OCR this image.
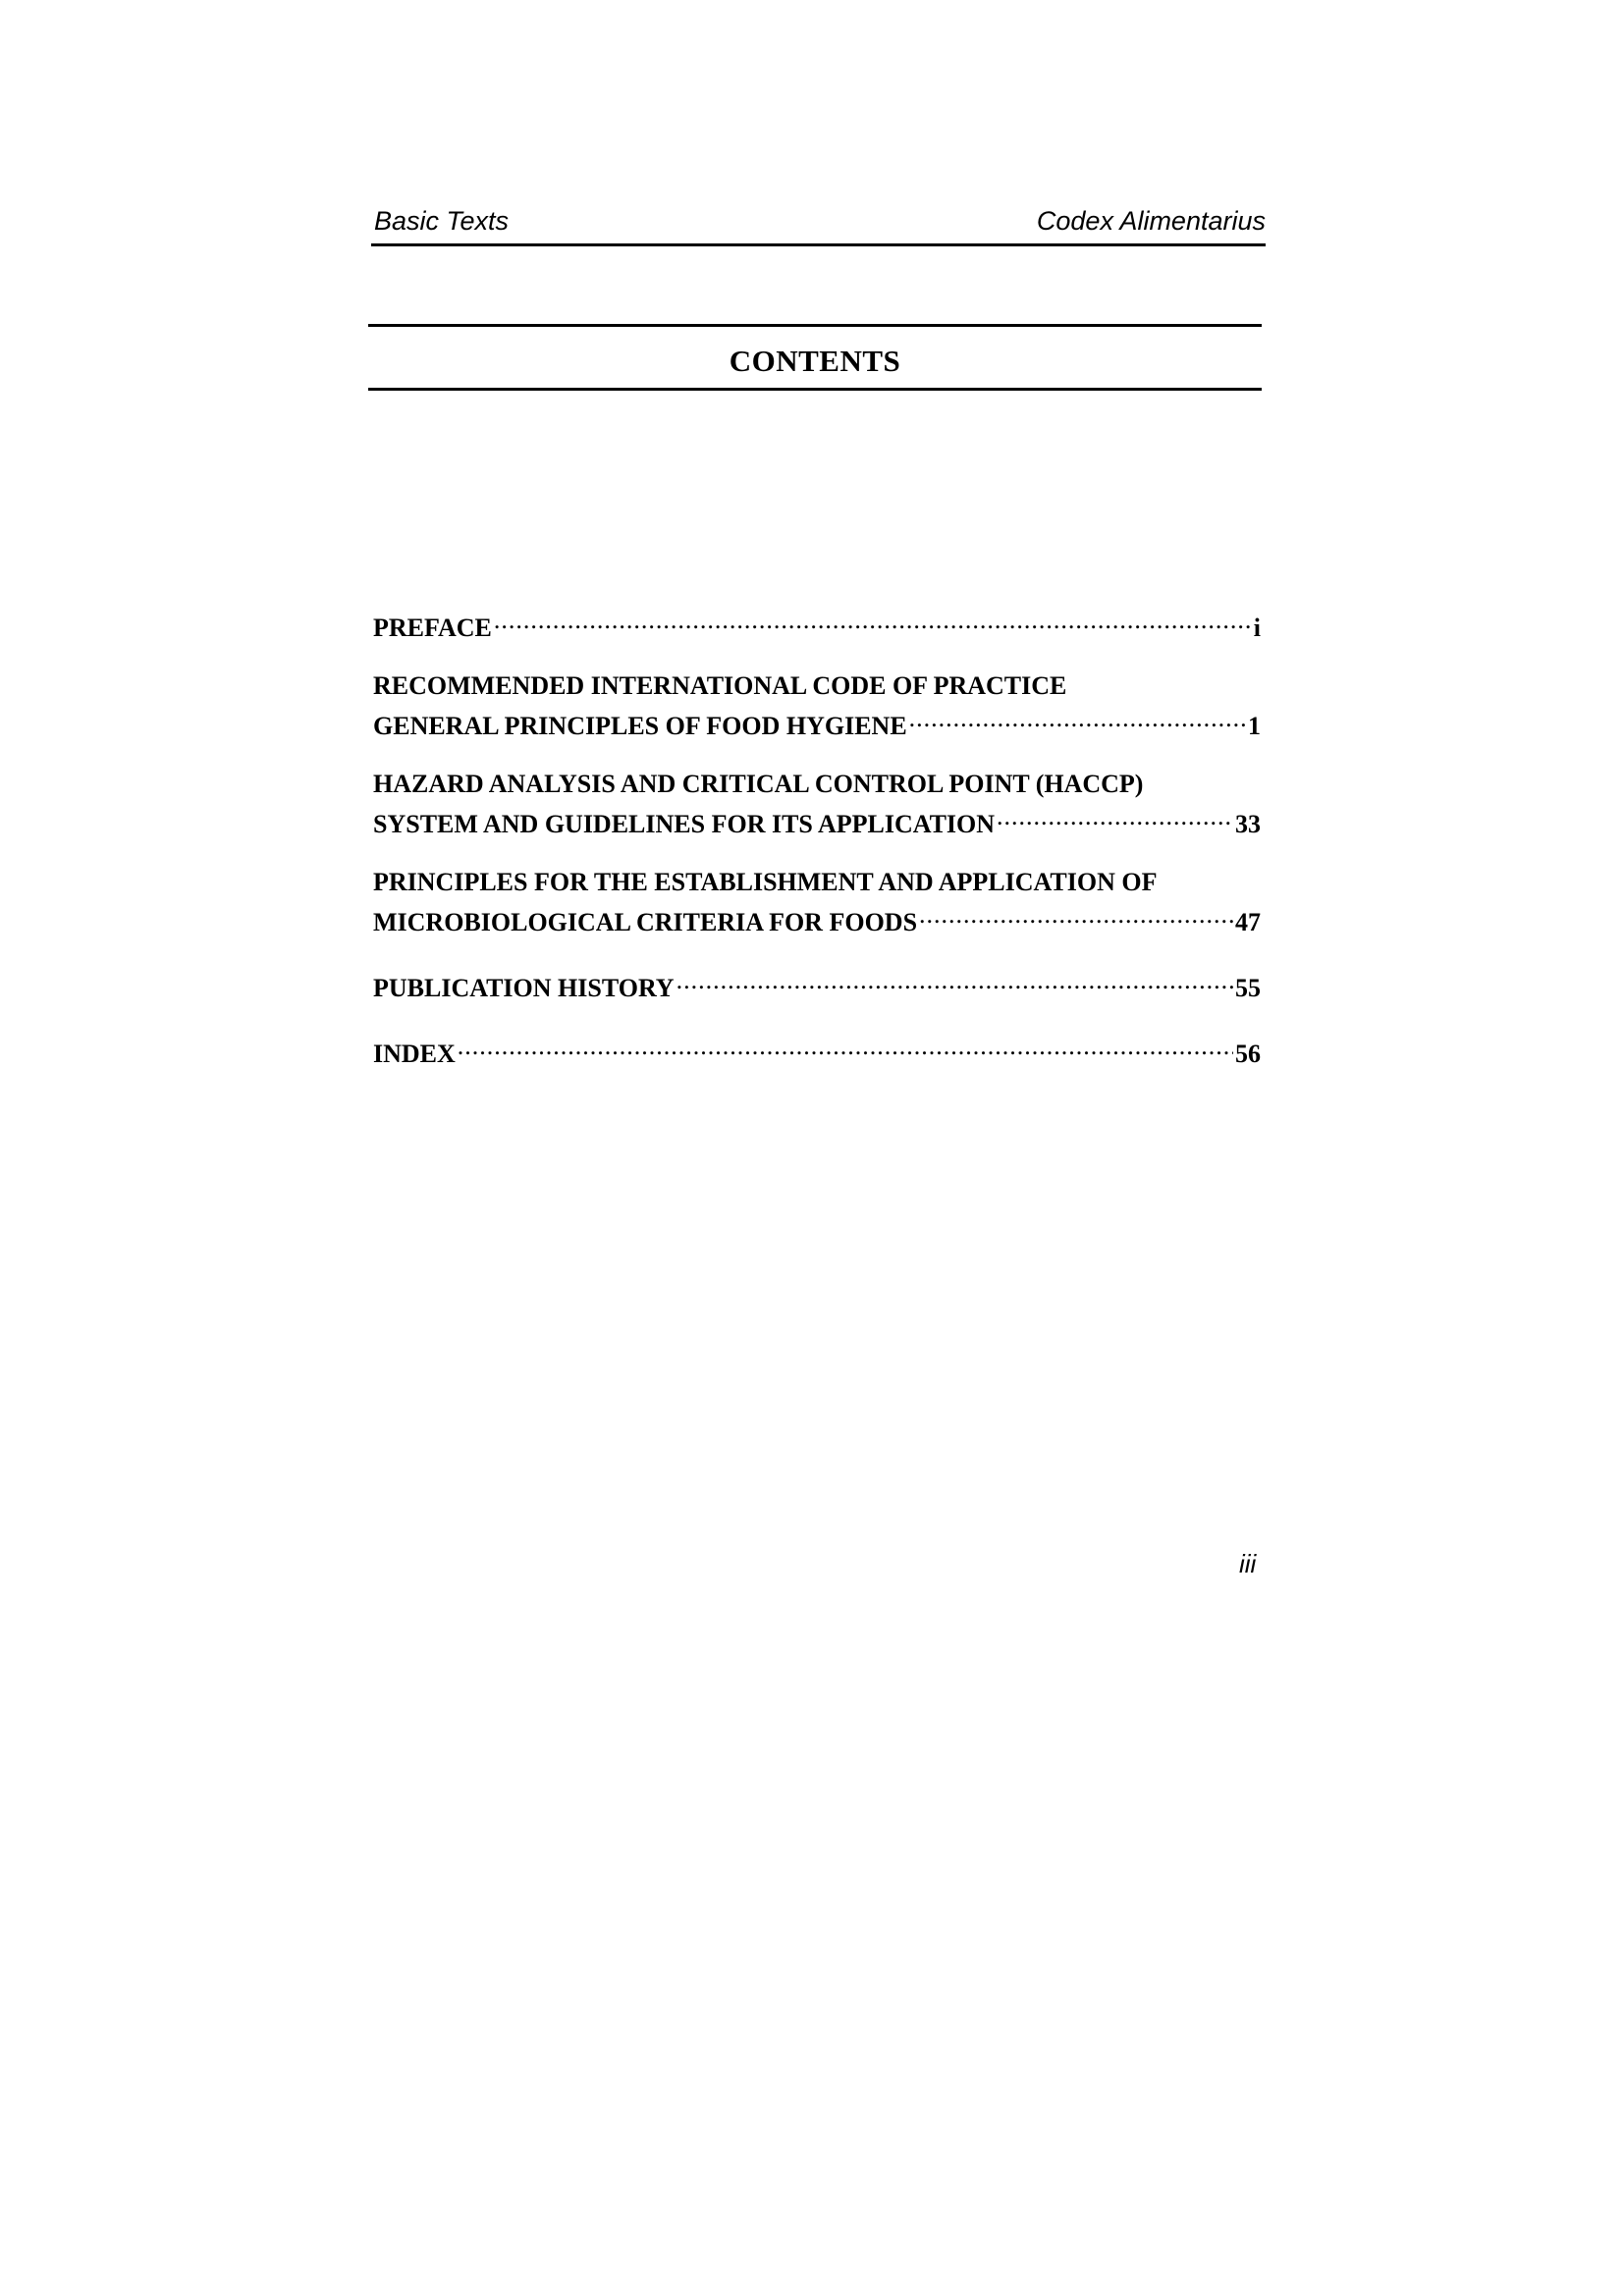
Basic Texts	Codex Alimentarius
CONTENTS
PREFACE .....	i
RECOMMENDED INTERNATIONAL CODE OF PRACTICE
GENERAL PRINCIPLES OF FOOD HYGIENE .....	1
HAZARD ANALYSIS AND CRITICAL CONTROL POINT (HACCP)
SYSTEM AND GUIDELINES FOR ITS APPLICATION .....	33
PRINCIPLES FOR THE ESTABLISHMENT AND APPLICATION OF
MICROBIOLOGICAL CRITERIA FOR FOODS .....	47
PUBLICATION HISTORY .....	55
INDEX .....	56
iii
